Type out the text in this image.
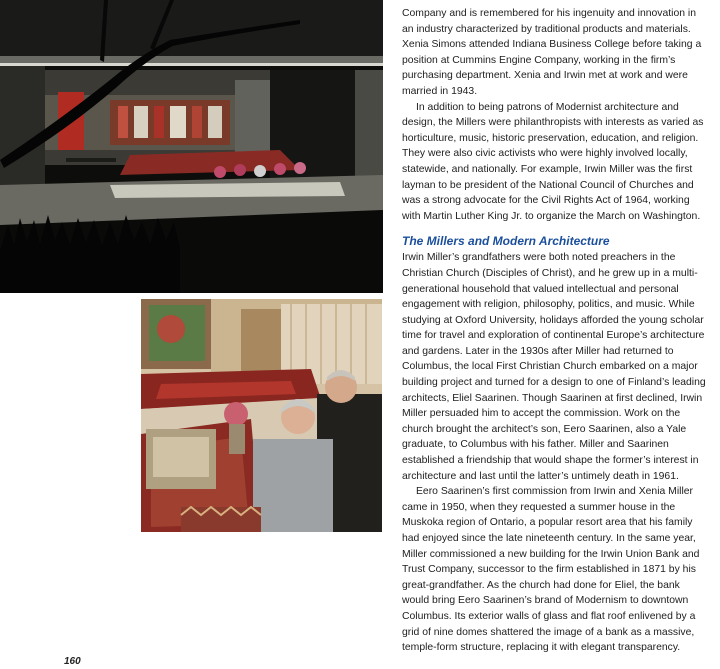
Company and is remembered for his ingenuity and innovation in an industry characterized by traditional products and materials. Xenia Simons attended Indiana Business College before taking a position at Cummins Engine Company, working in the firm’s purchasing department. Xenia and Irwin met at work and were married in 1943.

In addition to being patrons of Modernist architecture and design, the Millers were philanthropists with interests as varied as horticulture, music, historic preservation, education, and religion. They were also civic activists who were highly involved locally, statewide, and nationally. For example, Irwin Miller was the first layman to be president of the National Council of Churches and was a strong advocate for the Civil Rights Act of 1964, working with Martin Luther King Jr. to organize the March on Washington.

The Millers and Modern Architecture

Irwin Miller’s grandfathers were both noted preachers in the Christian Church (Disciples of Christ), and he grew up in a multi-generational household that valued intellectual and personal engagement with religion, philosophy, politics, and music. While studying at Oxford University, holidays afforded the young scholar time for travel and exploration of continental Europe’s architecture and gardens. Later in the 1930s after Miller had returned to Columbus, the local First Christian Church embarked on a major building project and turned for a design to one of Finland’s leading architects, Eliel Saarinen. Though Saarinen at first declined, Irwin Miller persuaded him to accept the commission. Work on the church brought the architect’s son, Eero Saarinen, also a Yale graduate, to Columbus with his father. Miller and Saarinen established a friendship that would shape the former’s interest in architecture and last until the latter’s untimely death in 1961.

Eero Saarinen’s first commission from Irwin and Xenia Miller came in 1950, when they requested a summer house in the Muskoka region of Ontario, a popular resort area that his family had enjoyed since the late nineteenth century. In the same year, Miller commissioned a new building for the Irwin Union Bank and Trust Company, successor to the firm established in 1871 by his great-grandfather. As the church had done for Eliel, the bank would bring Eero Saarinen’s brand of Modernism to downtown Columbus. Its exterior walls of glass and flat roof enlivened by a grid of nine domes shattered the image of a bank as a massive, temple-form structure, replacing it with elegant transparency.

160
